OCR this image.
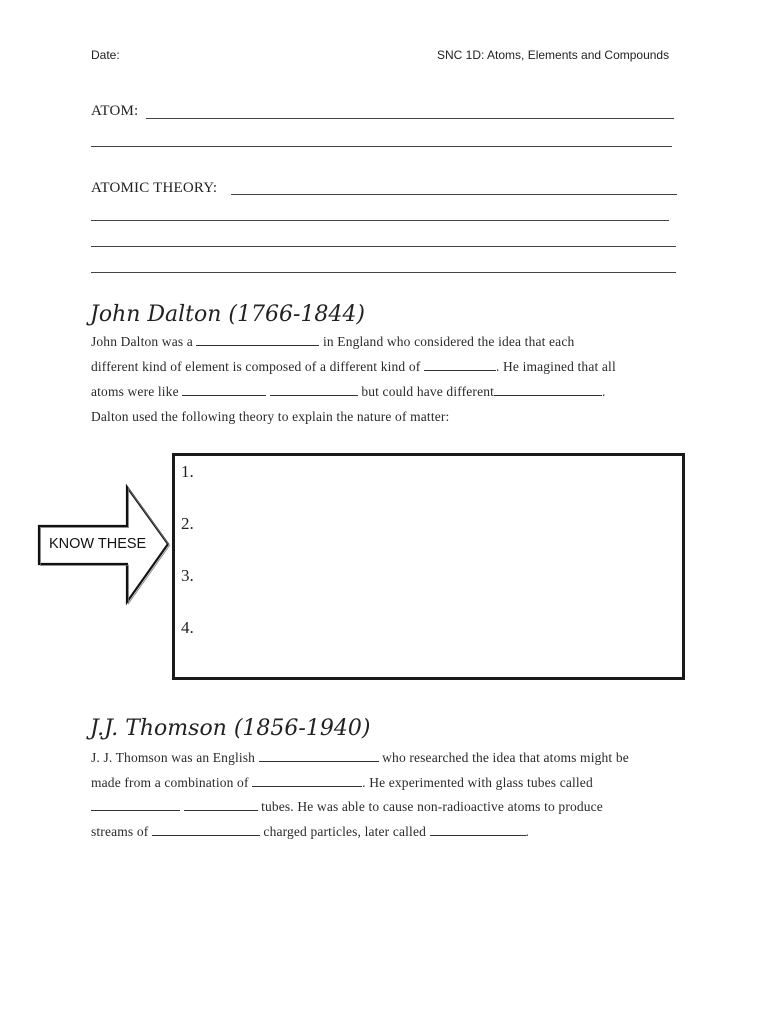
Date:	SNC 1D: Atoms, Elements and Compounds
ATOM:
ATOMIC THEORY:
John Dalton (1766-1844)
John Dalton was a	in England who considered the idea that each
different kind of element is composed of a different kind of	. He imagined that all
atoms were like	but could have different	.
Dalton used the following theory to explain the nature of matter:
KNOW THESE
1.
2.
3.
4.
J.J. Thomson (1856-1940)
J. J. Thomson was an English	who researched the idea that atoms might be
made from a combination of	. He experimented with glass tubes called
tubes. He was able to cause non-radioactive atoms to produce
streams of	charged particles, later called	.
